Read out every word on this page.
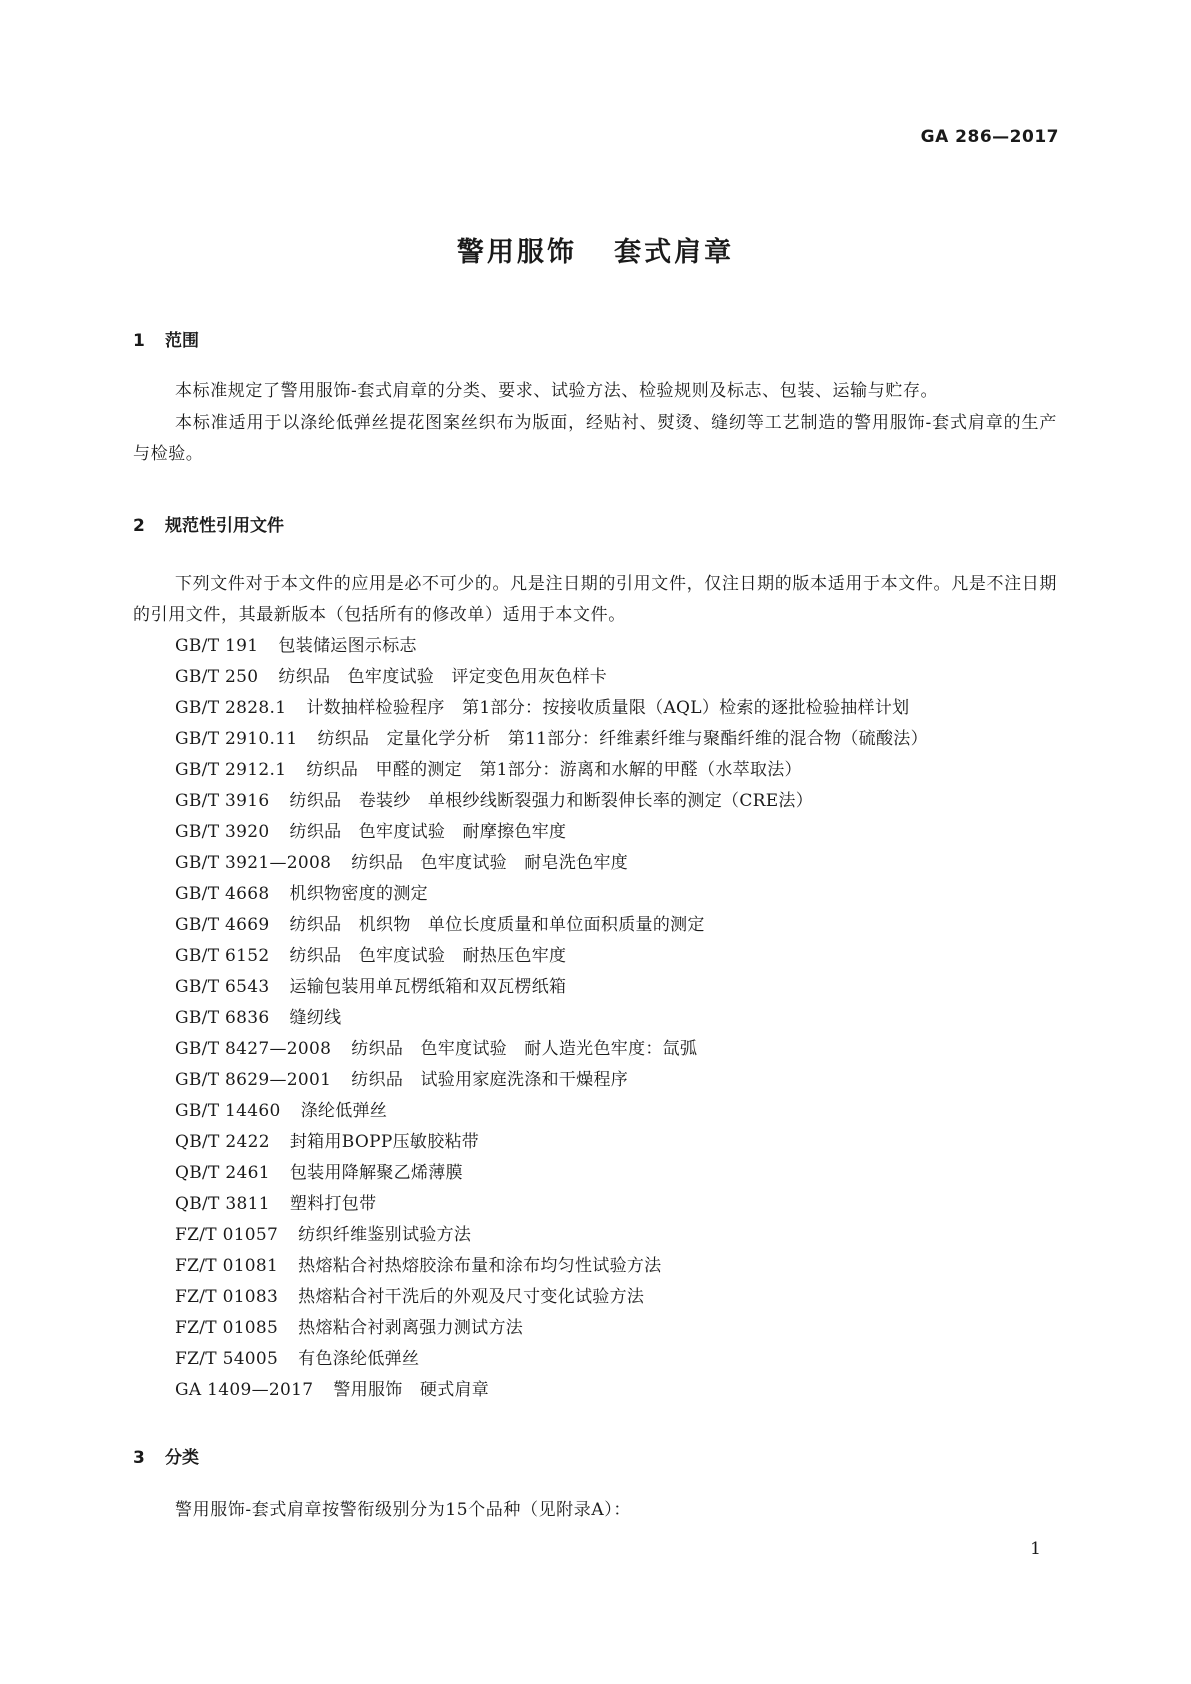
GA 286—2017
警用服饰   套式肩章
1 范围
本标准规定了警用服饰-套式肩章的分类、要求、试验方法、检验规则及标志、包装、运输与贮存。
本标准适用于以涤纶低弹丝提花图案丝织布为版面，经贴衬、熨烫、缝纫等工艺制造的警用服饰-套式肩章的生产与检验。
2 规范性引用文件
下列文件对于本文件的应用是必不可少的。凡是注日期的引用文件，仅注日期的版本适用于本文件。凡是不注日期的引用文件，其最新版本（包括所有的修改单）适用于本文件。
GB/T 191 包装储运图示标志
GB/T 250 纺织品　色牢度试验　评定变色用灰色样卡
GB/T 2828.1 计数抽样检验程序　第1部分：按接收质量限（AQL）检索的逐批检验抽样计划
GB/T 2910.11 纺织品　定量化学分析　第11部分：纤维素纤维与聚酯纤维的混合物（硫酸法）
GB/T 2912.1 纺织品　甲醛的测定　第1部分：游离和水解的甲醛（水萃取法）
GB/T 3916 纺织品　卷装纱　单根纱线断裂强力和断裂伸长率的测定（CRE法）
GB/T 3920 纺织品　色牢度试验　耐摩擦色牢度
GB/T 3921—2008 纺织品　色牢度试验　耐皂洗色牢度
GB/T 4668 机织物密度的测定
GB/T 4669 纺织品　机织物　单位长度质量和单位面积质量的测定
GB/T 6152 纺织品　色牢度试验　耐热压色牢度
GB/T 6543 运输包装用单瓦楞纸箱和双瓦楞纸箱
GB/T 6836 缝纫线
GB/T 8427—2008 纺织品　色牢度试验　耐人造光色牢度：氙弧
GB/T 8629—2001 纺织品　试验用家庭洗涤和干燥程序
GB/T 14460 涤纶低弹丝
QB/T 2422 封箱用BOPP压敏胶粘带
QB/T 2461 包装用降解聚乙烯薄膜
QB/T 3811 塑料打包带
FZ/T 01057 纺织纤维鉴别试验方法
FZ/T 01081 热熔粘合衬热熔胶涂布量和涂布均匀性试验方法
FZ/T 01083 热熔粘合衬干洗后的外观及尺寸变化试验方法
FZ/T 01085 热熔粘合衬剥离强力测试方法
FZ/T 54005 有色涤纶低弹丝
GA 1409—2017 警用服饰　硬式肩章
3 分类
警用服饰-套式肩章按警衔级别分为15个品种（见附录A）：
1
